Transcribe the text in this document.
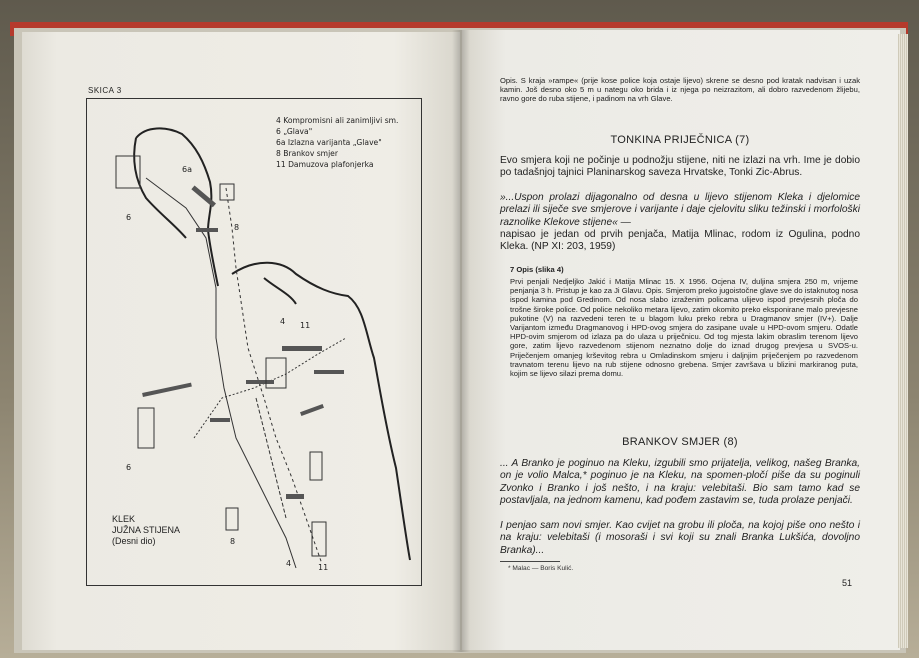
SKICA 3
6a
6
8
4 11
6
8
4	11
4 Kompromisni ali zanimljivi sm.
6 „Glava"
6a Izlazna varijanta „Glave"
8 Brankov smjer
11 Damuzova plafonjerka
KLEK
JUŽNA STIJENA
(Desni dio)
Opis. S kraja »rampe« (prije kose police koja ostaje lijevo) skrene se desno pod kratak nadvisan i uzak kamin. Još desno oko 5 m u nategu oko brida i iz njega po neizrazitom, ali dobro razvedenom žlijebu, ravno gore do ruba stijene, i padinom na vrh Glave.
TONKINA PRIJEČNICA (7)
Evo smjera koji ne počinje u podnožju stijene, niti ne izlazi na vrh. Ime je dobio po tadašnjoj tajnici Planinarskog saveza Hrvatske, Tonki Zic-Abrus.
»...Uspon prolazi dijagonalno od desna u lijevo stijenom Kleka i djelomice prelazi ili siječe sve smjerove i varijante i daje cjelovitu sliku težinski i morfološki raznolike Klekove stijene« —
napisao je jedan od prvih penjača, Matija Mlinac, rodom iz Ogulina, podno Kleka. (NP XI: 203, 1959)
7 Opis (slika 4)
Prvi penjali Nedjeljko Jakić i Matija Mlinac 15. X 1956. Ocjena IV, duljina smjera 250 m, vrijeme penjanja 3 h. Pristup je kao za Ji Glavu. Opis. Smjerom preko jugoistočne glave sve do istaknutog nosa ispod kamina pod Gredinom. Od nosa slabo izraženim policama ulijevo ispod prevjesnih ploča do trošne široke police. Od police nekoliko metara lijevo, zatim okomito preko eksponirane malo prevjesne pukotine (V) na razvedeni teren te u blagom luku preko rebra u Dragmanov smjer (IV+). Dalje Varijantom između Dragmanovog i HPD-ovog smjera do zasipane uvale u HPD-ovom smjeru. Odatle HPD-ovim smjerom od izlaza pa do ulaza u priječnicu. Od tog mjesta lakim obraslim terenom lijevo gore, zatim lijevo razvedenom stijenom neznatno dolje do iznad drugog prevjesa u SVOS-u. Priječenjem omanjeg krševitog rebra u Omladinskom smjeru i daljnjim priječenjem po razvedenom travnatom terenu lijevo na rub stijene odnosno grebena. Smjer završava u blizini markiranog puta, kojim se lijevo silazi prema domu.
BRANKOV SMJER (8)
... A Branko je poginuo na Kleku, izgubili smo prijatelja, velikog, našeg Branka, on je volio Malca,* poginuo je na Kleku, na spomen-pločí piše da su poginuli Zvonko i Branko i još nešto, i na kraju: velebitaši. Bio sam tamo kad se postavljala, na jednom kamenu, kad pođem zastavim se, tuda prolaze penjači.
I penjao sam novi smjer. Kao cvijet na grobu ili ploča, na kojoj piše ono nešto i na kraju: velebitaši (i mosoraši i svi koji su znali Branka Lukšića, dovoljno Branka)...
* Malac — Boris Kulić.
51
